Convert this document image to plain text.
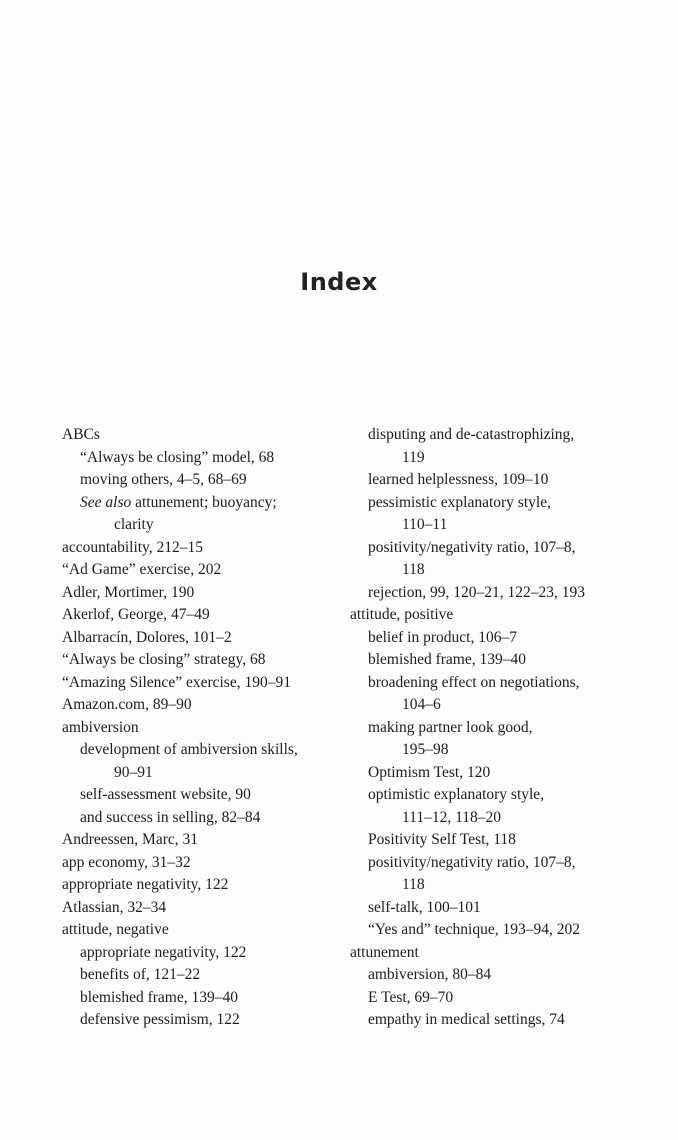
Index
ABCs
“Always be closing” model, 68
moving others, 4–5, 68–69
See also attunement; buoyancy;
clarity
accountability, 212–15
“Ad Game” exercise, 202
Adler, Mortimer, 190
Akerlof, George, 47–49
Albarracín, Dolores, 101–2
“Always be closing” strategy, 68
“Amazing Silence” exercise, 190–91
Amazon.com, 89–90
ambiversion
development of ambiversion skills,
90–91
self-assessment website, 90
and success in selling, 82–84
Andreessen, Marc, 31
app economy, 31–32
appropriate negativity, 122
Atlassian, 32–34
attitude, negative
appropriate negativity, 122
benefits of, 121–22
blemished frame, 139–40
defensive pessimism, 122
disputing and de-catastrophizing,
119
learned helplessness, 109–10
pessimistic explanatory style,
110–11
positivity/negativity ratio, 107–8,
118
rejection, 99, 120–21, 122–23, 193
attitude, positive
belief in product, 106–7
blemished frame, 139–40
broadening effect on negotiations,
104–6
making partner look good,
195–98
Optimism Test, 120
optimistic explanatory style,
111–12, 118–20
Positivity Self Test, 118
positivity/negativity ratio, 107–8,
118
self-talk, 100–101
“Yes and” technique, 193–94, 202
attunement
ambiversion, 80–84
E Test, 69–70
empathy in medical settings, 74
